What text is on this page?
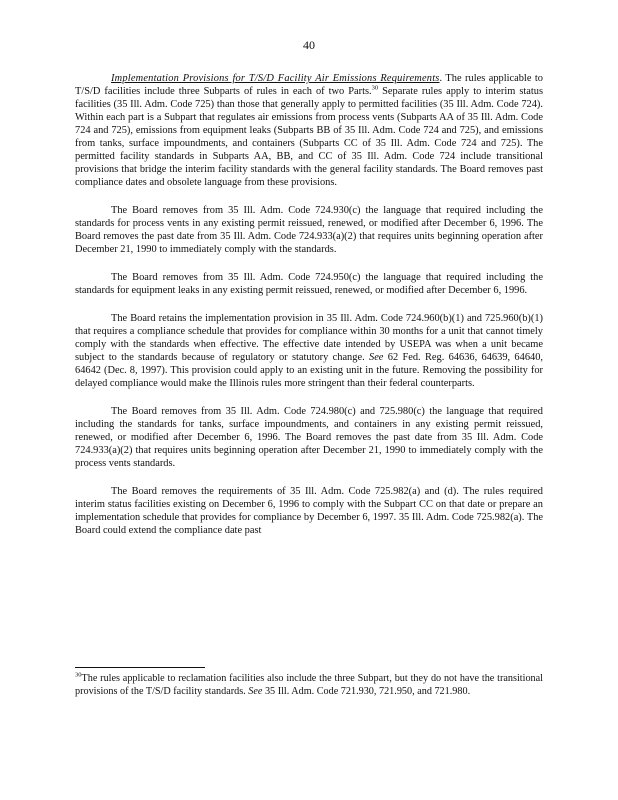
40

Implementation Provisions for T/S/D Facility Air Emissions Requirements. The rules applicable to T/S/D facilities include three Subparts of rules in each of two Parts.$^{30}$ Separate rules apply to interim status facilities (35 Ill. Adm. Code 725) than those that generally apply to permitted facilities (35 Ill. Adm. Code 724). Within each part is a Subpart that regulates air emissions from process vents (Subparts AA of 35 Ill. Adm. Code 724 and 725), emissions from equipment leaks (Subparts BB of 35 Ill. Adm. Code 724 and 725), and emissions from tanks, surface impoundments, and containers (Subparts CC of 35 Ill. Adm. Code 724 and 725). The permitted facility standards in Subparts AA, BB, and CC of 35 Ill. Adm. Code 724 include transitional provisions that bridge the interim facility standards with the general facility standards. The Board removes past compliance dates and obsolete language from these provisions.

The Board removes from 35 Ill. Adm. Code 724.930(c) the language that required including the standards for process vents in any existing permit reissued, renewed, or modified after December 6, 1996. The Board removes the past date from 35 Ill. Adm. Code 724.933(a)(2) that requires units beginning operation after December 21, 1990 to immediately comply with the standards.

The Board removes from 35 Ill. Adm. Code 724.950(c) the language that required including the standards for equipment leaks in any existing permit reissued, renewed, or modified after December 6, 1996.

The Board retains the implementation provision in 35 Ill. Adm. Code 724.960(b)(1) and 725.960(b)(1) that requires a compliance schedule that provides for compliance within 30 months for a unit that cannot timely comply with the standards when effective. The effective date intended by USEPA was when a unit became subject to the standards because of regulatory or statutory change. See 62 Fed. Reg. 64636, 64639, 64640, 64642 (Dec. 8, 1997). This provision could apply to an existing unit in the future. Removing the possibility for delayed compliance would make the Illinois rules more stringent than their federal counterparts.

The Board removes from 35 Ill. Adm. Code 724.980(c) and 725.980(c) the language that required including the standards for tanks, surface impoundments, and containers in any existing permit reissued, renewed, or modified after December 6, 1996. The Board removes the past date from 35 Ill. Adm. Code 724.933(a)(2) that requires units beginning operation after December 21, 1990 to immediately comply with the process vents standards.

The Board removes the requirements of 35 Ill. Adm. Code 725.982(a) and (d). The rules required interim status facilities existing on December 6, 1996 to comply with the Subpart CC on that date or prepare an implementation schedule that provides for compliance by December 6, 1997. 35 Ill. Adm. Code 725.982(a). The Board could extend the compliance date past

$^{30}$The rules applicable to reclamation facilities also include the three Subpart, but they do not have the transitional provisions of the T/S/D facility standards. See 35 Ill. Adm. Code 721.930, 721.950, and 721.980.
